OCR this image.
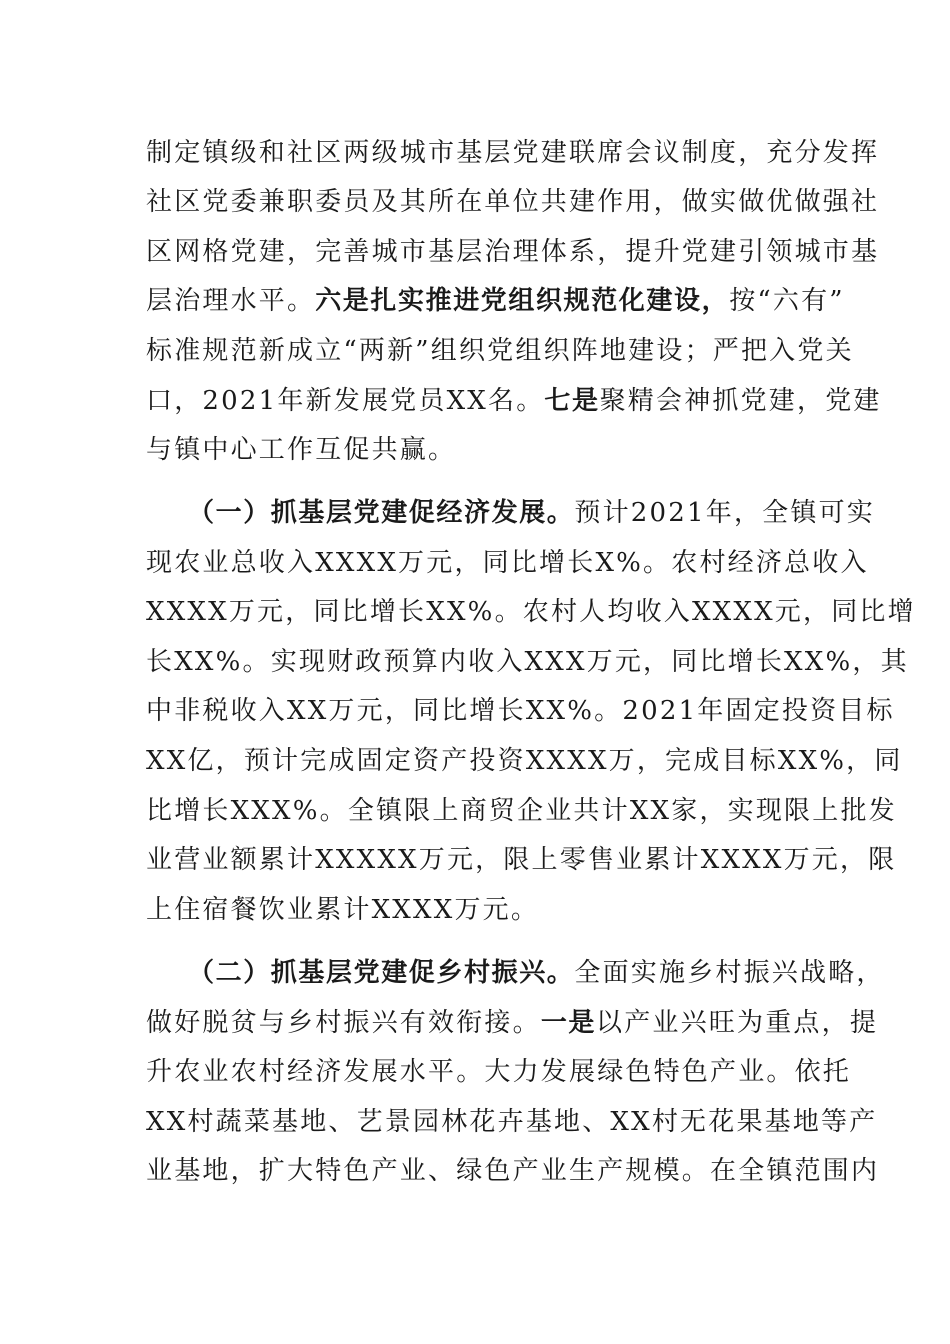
制定镇级和社区两级城市基层党建联席会议制度，充分发挥
社区党委兼职委员及其所在单位共建作用，做实做优做强社
区网格党建，完善城市基层治理体系，提升党建引领城市基
层治理水平。六是扎实推进党组织规范化建设，按“六有”
标准规范新成立“两新”组织党组织阵地建设；严把入党关
口，2021年新发展党员XX名。七是聚精会神抓党建，党建
与镇中心工作互促共赢。
（一）抓基层党建促经济发展。预计2021年，全镇可实
现农业总收入XXXX万元，同比增长X%。农村经济总收入
XXXX万元，同比增长XX%。农村人均收入XXXX元，同比增
长XX%。实现财政预算内收入XXX万元，同比增长XX%，其
中非税收入XX万元，同比增长XX%。2021年固定投资目标
XX亿，预计完成固定资产投资XXXX万，完成目标XX%，同
比增长XXX%。全镇限上商贸企业共计XX家，实现限上批发
业营业额累计XXXXX万元，限上零售业累计XXXX万元，限
上住宿餐饮业累计XXXX万元。
（二）抓基层党建促乡村振兴。全面实施乡村振兴战略，
做好脱贫与乡村振兴有效衔接。一是以产业兴旺为重点，提
升农业农村经济发展水平。大力发展绿色特色产业。依托
XX村蔬菜基地、艺景园林花卉基地、XX村无花果基地等产
业基地，扩大特色产业、绿色产业生产规模。在全镇范围内
